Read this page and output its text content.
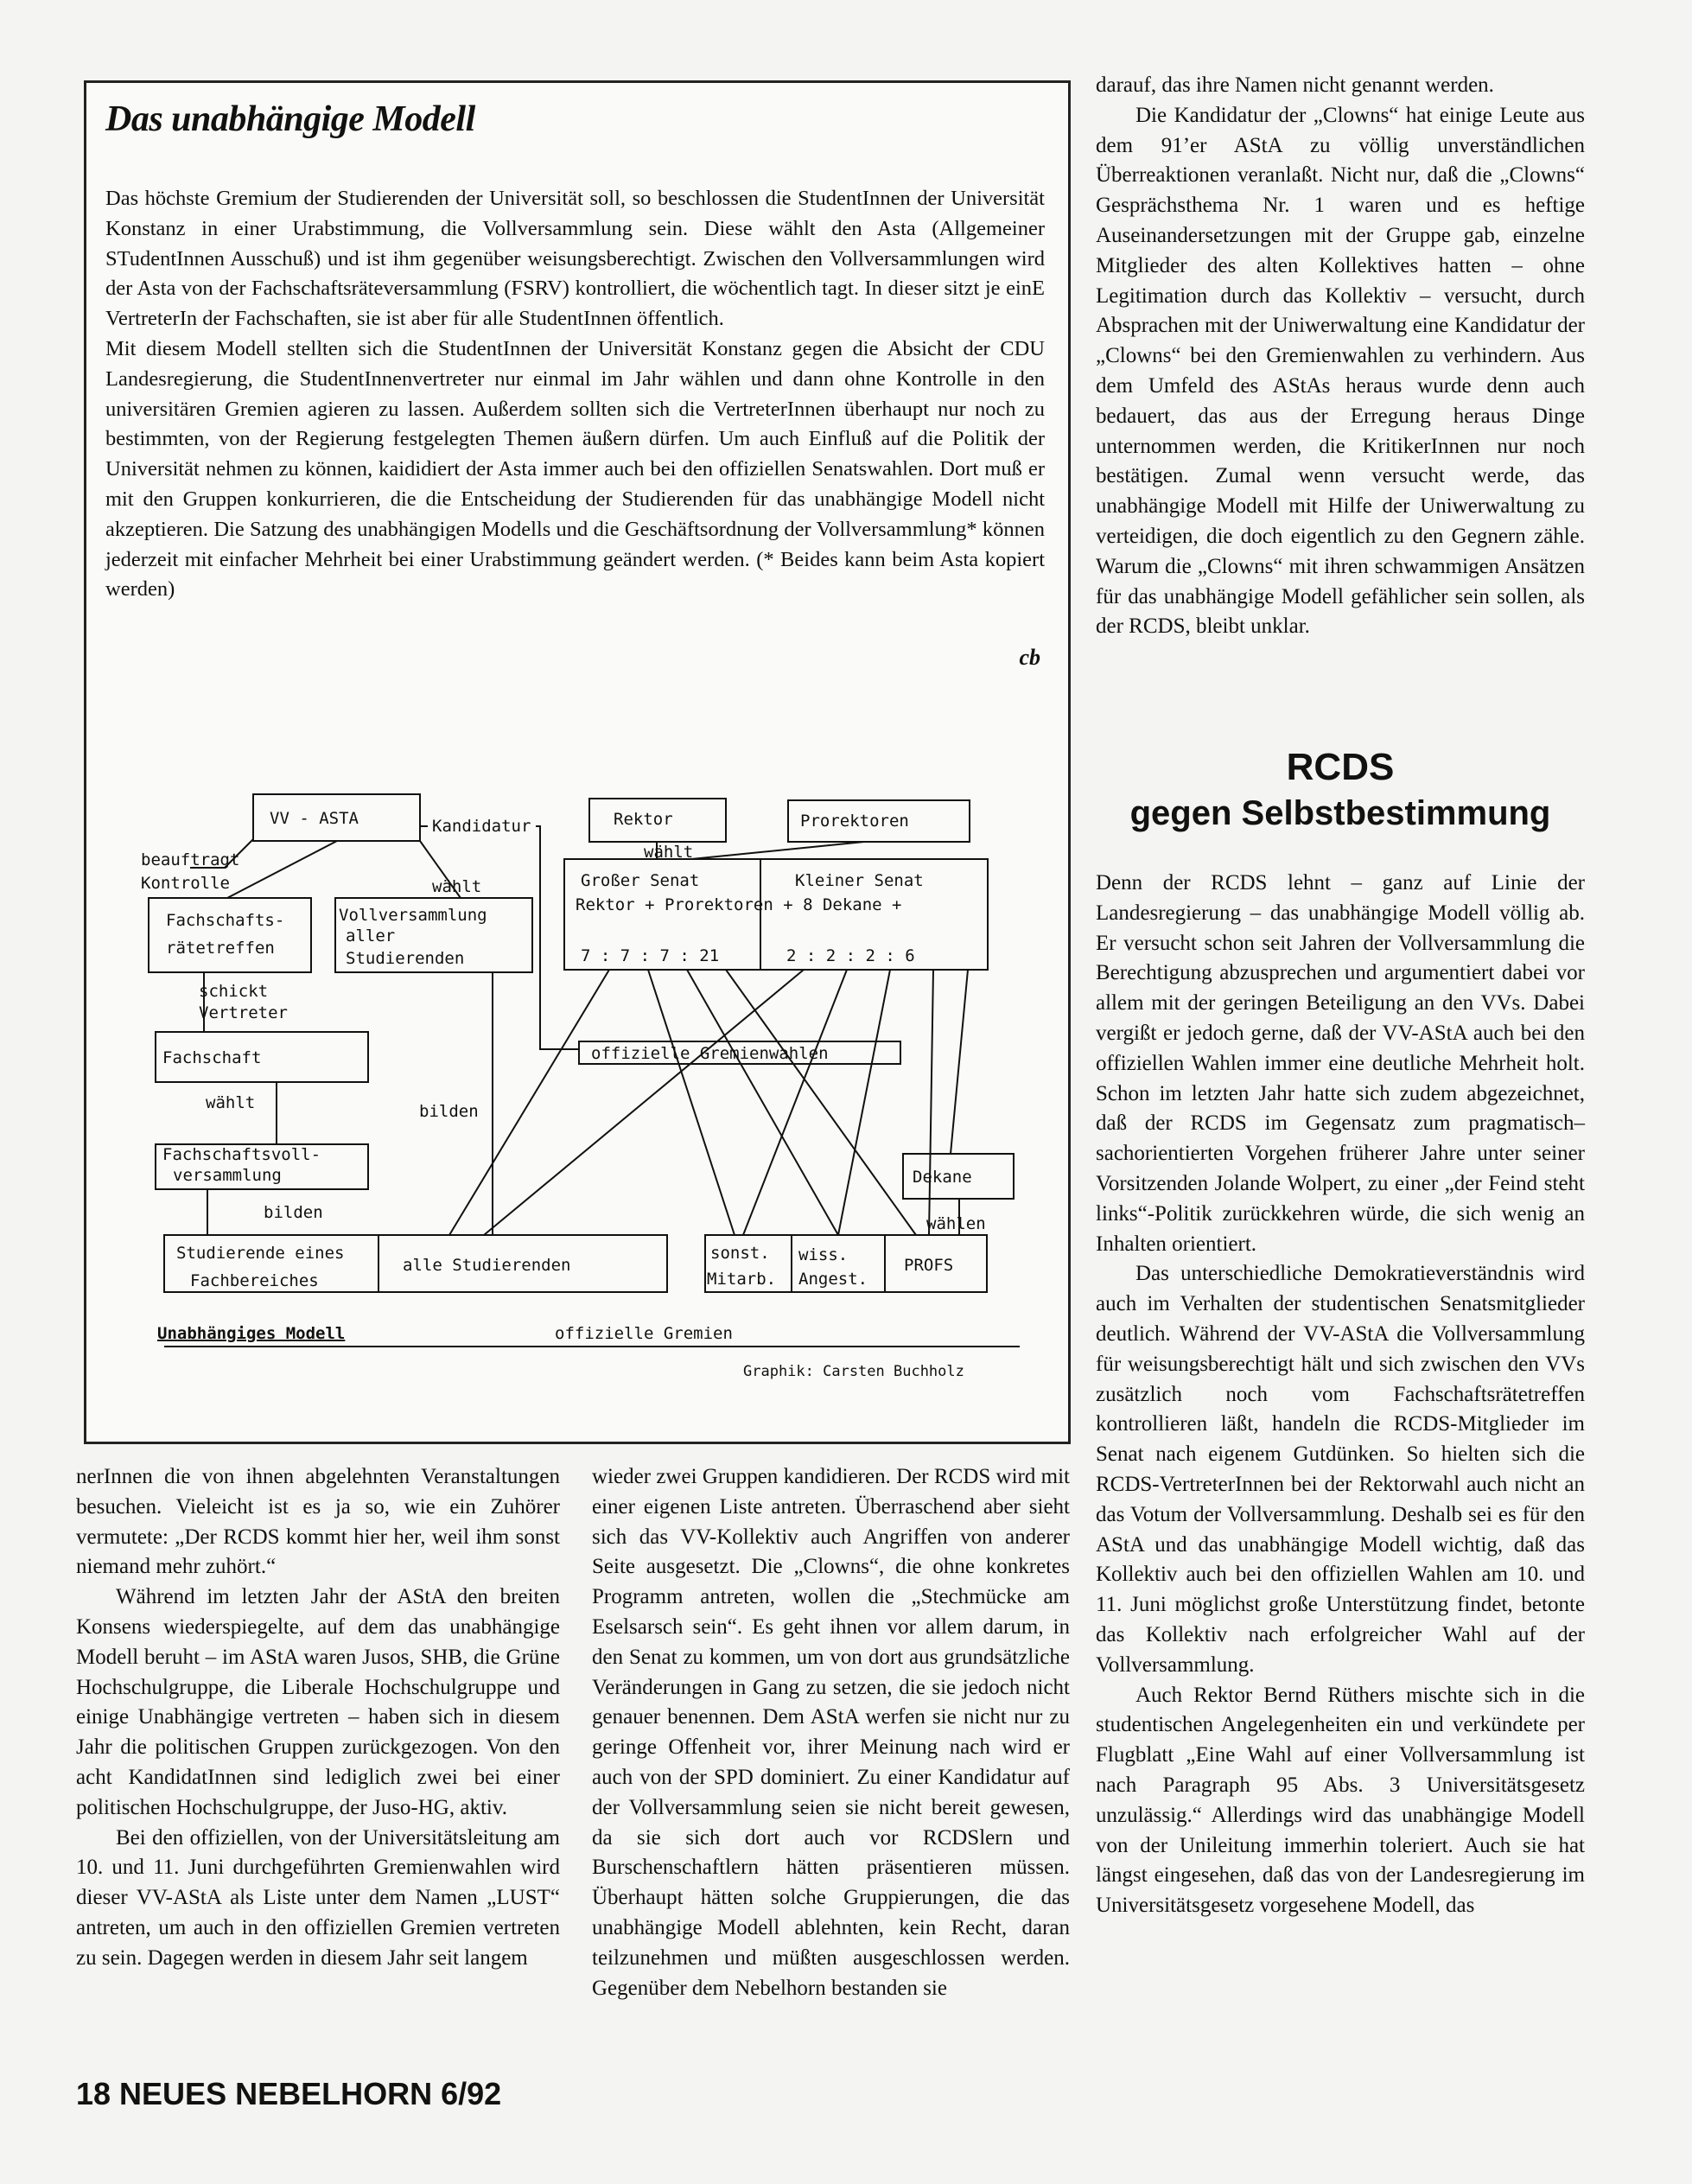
Das unabhängige Modell

Das höchste Gremium der Studierenden der Universität soll, so beschlossen die StudentInnen der Universität Konstanz in einer Urabstimmung, die Vollversammlung sein. Diese wählt den Asta (Allgemeiner STudentInnen Ausschuß) und ist ihm gegenüber weisungsberechtigt. Zwischen den Vollversammlungen wird der Asta von der Fachschaftsräteversammlung (FSRV) kontrolliert, die wöchentlich tagt. In dieser sitzt je einE VertreterIn der Fachschaften, sie ist aber für alle StudentInnen öffentlich.

Mit diesem Modell stellten sich die StudentInnen der Universität Konstanz gegen die Absicht der CDU Landesregierung, die StudentInnenvertreter nur einmal im Jahr wählen und dann ohne Kontrolle in den universitären Gremien agieren zu lassen. Außerdem sollten sich die VertreterInnen überhaupt nur noch zu bestimmten, von der Regierung festgelegten Themen äußern dürfen. Um auch Einfluß auf die Politik der Universität nehmen zu können, kaididiert der Asta immer auch bei den offiziellen Senatswahlen. Dort muß er mit den Gruppen konkurrieren, die die Entscheidung der Studierenden für das unabhängige Modell nicht akzeptieren. Die Satzung des unabhängigen Modells und die Geschäftsordnung der Vollversammlung* können jederzeit mit einfacher Mehrheit bei einer Urabstimmung geändert werden. (* Beides kann beim Asta kopiert werden)

cb
VV - ASTA	Kandidatur
beauftragt
Kontrolle	wählt
Fachschafts-
rätetreffen
Vollversammlung
aller
Studierenden
schickt
Vertreter
Fachschaft
wählt	bilden
Fachschaftsvoll-
versammlung
bilden
Studierende eines
Fachbereiches
alle Studierenden
Rektor	Prorektoren
wählt
Großer Senat	Kleiner Senat
Rektor + Prorektoren + 8 Dekane +
7 : 7 : 7 : 21	2 : 2 : 2 : 6
offizielle Gremienwahlen
Dekane
wählen
sonst.
Mitarb.
wiss.
Angest.
PROFS
Unabhängiges Modell	offizielle Gremien
Graphik: Carsten Buchholz

darauf, das ihre Namen nicht genannt werden.

Die Kandidatur der „Clowns“ hat einige Leute aus dem 91’er AStA zu völlig unverständlichen Überreaktionen veranlaßt. Nicht nur, daß die „Clowns“ Gesprächsthema Nr. 1 waren und es heftige Auseinandersetzungen mit der Gruppe gab, einzelne Mitglieder des alten Kollektives hatten – ohne Legitimation durch das Kollektiv – versucht, durch Absprachen mit der Uniwerwaltung eine Kandidatur der „Clowns“ bei den Gremienwahlen zu verhindern. Aus dem Umfeld des AStAs heraus wurde denn auch bedauert, das aus der Erregung heraus Dinge unternommen werden, die KritikerInnen nur noch bestätigen. Zumal wenn versucht werde, das unabhängige Modell mit Hilfe der Uniwerwaltung zu verteidigen, die doch eigentlich zu den Gegnern zähle. Warum die „Clowns“ mit ihren schwammigen Ansätzen für das unabhängige Modell gefählicher sein sollen, als der RCDS, bleibt unklar.

RCDS
gegen Selbstbestimmung

Denn der RCDS lehnt – ganz auf Linie der Landesregierung – das unabhängige Modell völlig ab. Er versucht schon seit Jahren der Vollversammlung die Berechtigung abzusprechen und argumentiert dabei vor allem mit der geringen Beteiligung an den VVs. Dabei vergißt er jedoch gerne, daß der VV-AStA auch bei den offiziellen Wahlen immer eine deutliche Mehrheit holt. Schon im letzten Jahr hatte sich zudem abgezeichnet, daß der RCDS im Gegensatz zum pragmatisch–sachorientierten Vorgehen früherer Jahre unter seiner Vorsitzenden Jolande Wolpert, zu einer „der Feind steht links“-Politik zurückkehren würde, die sich wenig an Inhalten orientiert.

Das unterschiedliche Demokratieverständnis wird auch im Verhalten der studentischen Senatsmitglieder deutlich. Während der VV-AStA die Vollversammlung für weisungsberechtigt hält und sich zwischen den VVs zusätzlich noch vom Fachschaftsrätetreffen kontrollieren läßt, handeln die RCDS-Mitglieder im Senat nach eigenem Gutdünken. So hielten sich die RCDS-VertreterInnen bei der Rektorwahl auch nicht an das Votum der Vollversammlung. Deshalb sei es für den AStA und das unabhängige Modell wichtig, daß das Kollektiv auch bei den offiziellen Wahlen am 10. und 11. Juni möglichst große Unterstützung findet, betonte das Kollektiv nach erfolgreicher Wahl auf der Vollversammlung.

Auch Rektor Bernd Rüthers mischte sich in die studentischen Angelegenheiten ein und verkündete per Flugblatt „Eine Wahl auf einer Vollversammlung ist nach Paragraph 95 Abs. 3 Universitätsgesetz unzulässig.“ Allerdings wird das unabhängige Modell von der Unileitung immerhin toleriert. Auch sie hat längst eingesehen, daß das von der Landesregierung im Universitätsgesetz vorgesehene Modell, das

nerInnen die von ihnen abgelehnten Veranstaltungen besuchen. Vieleicht ist es ja so, wie ein Zuhörer vermutete: „Der RCDS kommt hier her, weil ihm sonst niemand mehr zuhört.“

Während im letzten Jahr der AStA den breiten Konsens wiederspiegelte, auf dem das unabhängige Modell beruht – im AStA waren Jusos, SHB, die Grüne Hochschulgruppe, die Liberale Hochschulgruppe und einige Unabhängige vertreten – haben sich in diesem Jahr die politischen Gruppen zurückgezogen. Von den acht KandidatInnen sind lediglich zwei bei einer politischen Hochschulgruppe, der Juso-HG, aktiv.

Bei den offiziellen, von der Universitätsleitung am 10. und 11. Juni durchgeführten Gremienwahlen wird dieser VV-AStA als Liste unter dem Namen „LUST“ antreten, um auch in den offiziellen Gremien vertreten zu sein. Dagegen werden in diesem Jahr seit langem

wieder zwei Gruppen kandidieren. Der RCDS wird mit einer eigenen Liste antreten. Überraschend aber sieht sich das VV-Kollektiv auch Angriffen von anderer Seite ausgesetzt. Die „Clowns“, die ohne konkretes Programm antreten, wollen die „Stechmücke am Eselsarsch sein“. Es geht ihnen vor allem darum, in den Senat zu kommen, um von dort aus grundsätzliche Veränderungen in Gang zu setzen, die sie jedoch nicht genauer benennen. Dem AStA werfen sie nicht nur zu geringe Offenheit vor, ihrer Meinung nach wird er auch von der SPD dominiert. Zu einer Kandidatur auf der Vollversammlung seien sie nicht bereit gewesen, da sie sich dort auch vor RCDSlern und Burschenschaftlern hätten präsentieren müssen. Überhaupt hätten solche Gruppierungen, die das unabhängige Modell ablehnten, kein Recht, daran teilzunehmen und müßten ausgeschlossen werden. Gegenüber dem Nebelhorn bestanden sie

18 NEUES NEBELHORN 6/92
